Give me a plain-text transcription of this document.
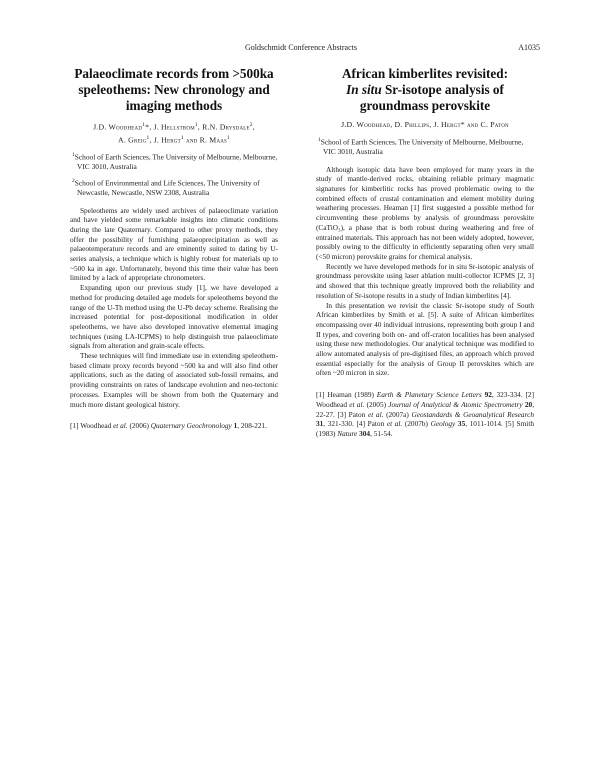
Goldschmidt Conference Abstracts	A1035
Palaeoclimate records from >500ka
speleothems: New chronology and
imaging methods
J.D. Woodhead$^1$*, J. Hellstrom$^1$, R.N. Drysdale$^2$,
A. Greig$^1$, J. Hergt$^1$ and R. Maas$^1$
$^1$School of Earth Sciences, The University of Melbourne, Melbourne, VIC 3010, Australia
$^2$School of Environmental and Life Sciences, The University of Newcastle, Newcastle, NSW 2308, Australia

Speleothems are widely used archives of palaeoclimate variation and have yielded some remarkable insights into climatic conditions during the late Quaternary. Compared to other proxy methods, they offer the possibility of furnishing palaeoprecipitation as well as palaeotemperature records and are eminently suited to dating by U-series analysis, a technique which is highly robust for materials up to ~500 ka in age. Unfortunately, beyond this time their value has been limited by a lack of appropriate chronometers.

Expanding upon our previous study [1], we have developed a method for producing detailed age models for speleothems beyond the range of the U-Th method using the U-Pb decay scheme. Realising the increased potential for post-depositional modification in older speleothems, we have also developed innovative elemental imaging techniques (using LA-ICPMS) to help distinguish true palaeoclimate signals from alteration and grain-scale effects.

These techniques will find immediate use in extending speleothem-based climate proxy records beyond ~500 ka and will also find other applications, such as the dating of associated sub-fossil remains, and providing constraints on rates of landscape evolution and neo-tectonic processes. Examples will be shown from both the Quaternary and much more distant geological history.

[1] Woodhead et al. (2006) Quaternary Geochronology 1, 208-221.
African kimberlites revisited:
In situ Sr-isotope analysis of
groundmass perovskite
J.D. Woodhead, D. Phillips, J. Hergt* and C. Paton
$^1$School of Earth Sciences, The University of Melbourne, Melbourne, VIC 3010, Australia

Although isotopic data have been employed for many years in the study of mantle-derived rocks, obtaining reliable primary magmatic signatures for kimberlitic rocks has proved problematic owing to the combined effects of crustal contamination and element mobility during weathering processes. Heaman [1] first suggested a possible method for circumventing these problems by analysis of groundmass perovskite (CaTiO₃), a phase that is both robust during weathering and free of entrained materials. This approach has not been widely adopted, however, possibly owing to the difficulty in efficiently separating often very small (<50 micron) perovskite grains for chemical analysis.

Recently we have developed methods for in situ Sr-isotopic analysis of groundmass perovskite using laser ablation multi-collector ICPMS [2, 3] and showed that this technique greatly improved both the reliability and resolution of Sr-isotope results in a study of Indian kimberlites [4].

In this presentation we revisit the classic Sr-isotope study of South African kimberlites by Smith et al. [5]. A suite of African kimberlites encompassing over 40 individual intrusions, representing both group I and II types, and covering both on- and off-craton localities has been analysed using these new methodologies. Our analytical technique was modified to allow automated analysis of pre-digitised files, an approach which proved essential especially for the analysis of Group II perovskites which are often ~20 micron in size.

[1] Heaman (1989) Earth & Planetary Science Letters 92, 323-334. [2] Woodhead et al. (2005) Journal of Analytical & Atomic Spectrometry 20, 22-27. [3] Paton et al. (2007a) Geostandards & Geoanalytical Research 31, 321-330. [4] Paton et al. (2007b) Geology 35, 1011-1014. [5] Smith (1983) Nature 304, 51-54.
